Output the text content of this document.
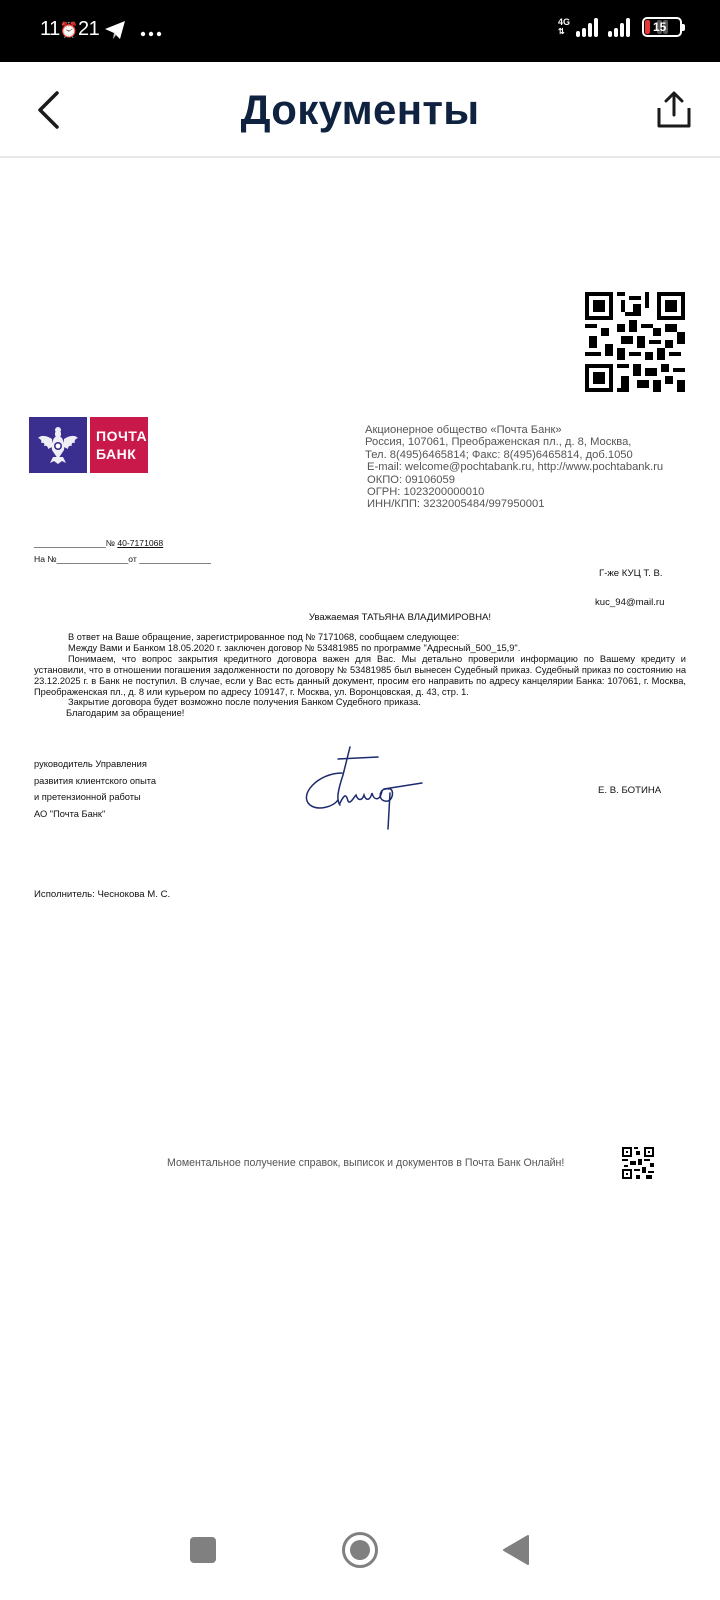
11⏰21	4G
⇅	15
Документы
ПОЧТА
БАНК
Акционерное общество «Почта Банк»
Россия, 107061, Преображенская пл., д. 8, Москва,
Тел. 8(495)6465814; Факс: 8(495)6465814, доб.1050
E-mail: welcome@pochtabank.ru, http://www.pochtabank.ru
ОКПО: 09106059
ОГРН: 1023200000010
ИНН/КПП: 3232005484/997950001
_______________№ 40-7171068
На №_______________от _______________
Г-же КУЦ Т. В.
kuc_94@mail.ru
Уважаемая ТАТЬЯНА ВЛАДИМИРОВНА!

В ответ на Ваше обращение, зарегистрированное под № 7171068, сообщаем следующее:

Между Вами и Банком 18.05.2020 г. заключен договор № 53481985 по программе "Адресный_500_15,9".

Понимаем, что вопрос закрытия кредитного договора важен для Вас. Мы детально проверили информацию по Вашему кредиту и установили, что в отношении погашения задолженности по договору № 53481985 был вынесен Судебный приказ. Судебный приказ по состоянию на 23.12.2025 г. в Банк не поступил. В случае, если у Вас есть данный документ, просим его направить по адресу канцелярии Банка: 107061, г. Москва, Преображенская пл., д. 8 или курьером по адресу 109147, г. Москва, ул. Воронцовская, д. 43, стр. 1.

Закрытие договора будет возможно после получения Банком Судебного приказа.

Благодарим за обращение!

руководитель Управления
развития клиентского опыта
и претензионной работы
АО "Почта Банк"
Е. В. БОТИНА
Исполнитель: Чеснокова М. С.
Моментальное получение справок, выписок и документов в Почта Банк Онлайн!
